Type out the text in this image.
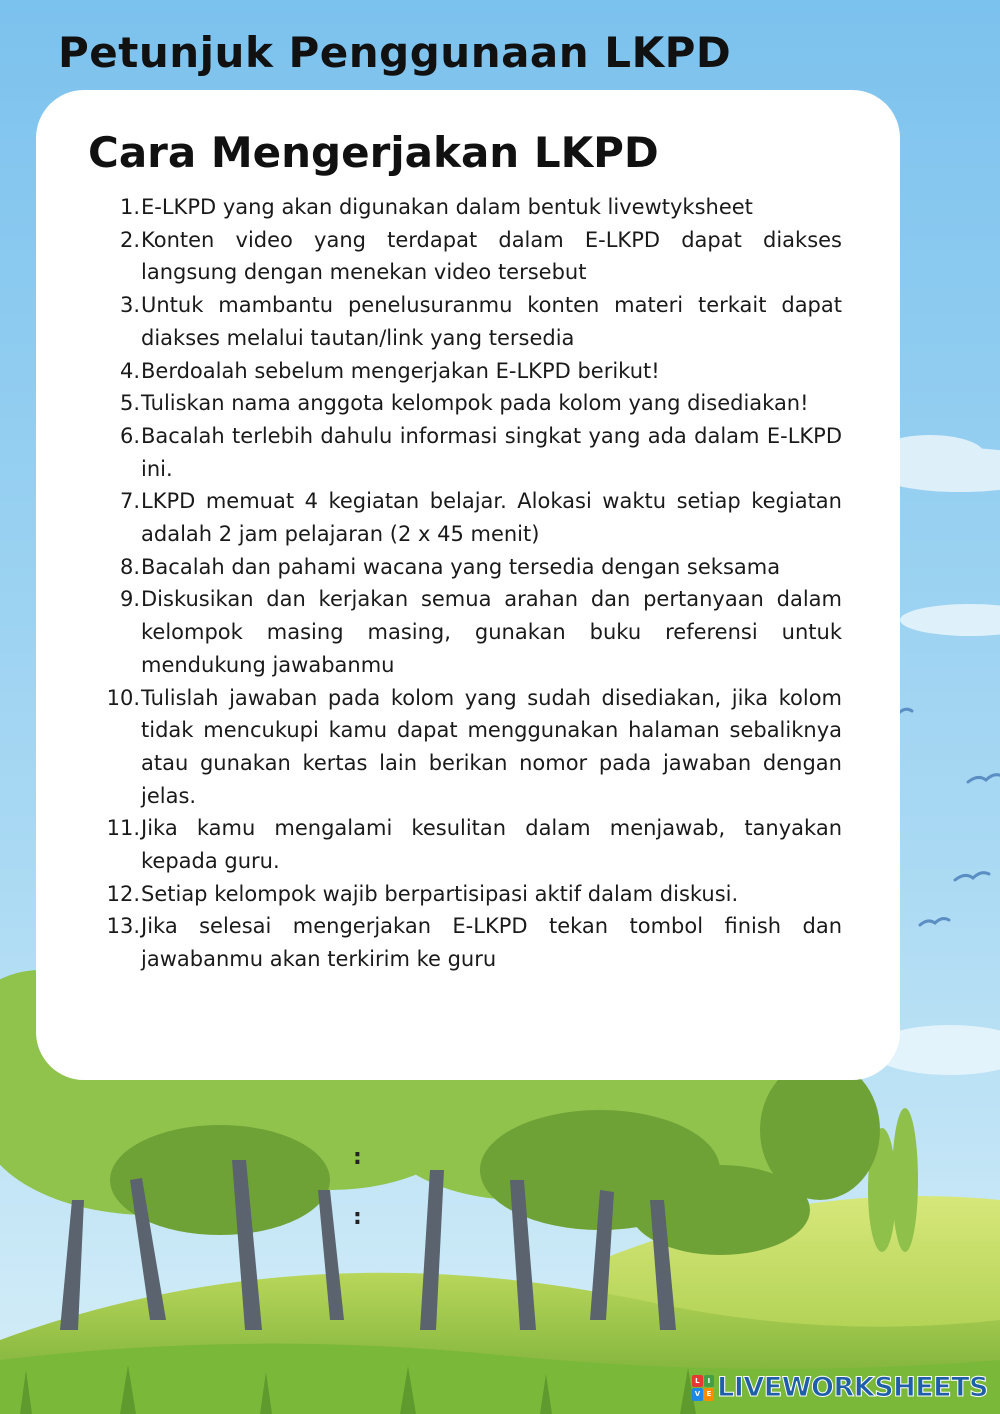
Petunjuk Penggunaan LKPD
Cara Mengerjakan LKPD
1. E-LKPD yang akan digunakan dalam bentuk livewtyksheet
2. Konten video yang terdapat dalam E-LKPD dapat diakses langsung dengan menekan video tersebut
3. Untuk mambantu penelusuranmu konten materi terkait dapat diakses melalui tautan/link yang tersedia
4. Berdoalah sebelum mengerjakan E-LKPD berikut!
5. Tuliskan nama anggota kelompok pada kolom yang disediakan!
6. Bacalah terlebih dahulu informasi singkat yang ada dalam E-LKPD ini.
7. LKPD memuat 4 kegiatan belajar. Alokasi waktu setiap kegiatan adalah 2 jam pelajaran (2 x 45 menit)
8. Bacalah dan pahami wacana yang tersedia dengan seksama
9. Diskusikan dan kerjakan semua arahan dan pertanyaan dalam kelompok masing masing, gunakan buku referensi untuk mendukung jawabanmu
10. Tulislah jawaban pada kolom yang sudah disediakan, jika kolom tidak mencukupi kamu dapat menggunakan halaman sebaliknya atau gunakan kertas lain berikan nomor pada jawaban dengan jelas.
11. Jika kamu mengalami kesulitan dalam menjawab, tanyakan kepada guru.
12. Setiap kelompok wajib berpartisipasi aktif dalam diskusi.
13. Jika selesai mengerjakan E-LKPD tekan tombol finish dan jawabanmu akan terkirim ke guru
:
:
L	I
V E LIVEWORKSHEETS
